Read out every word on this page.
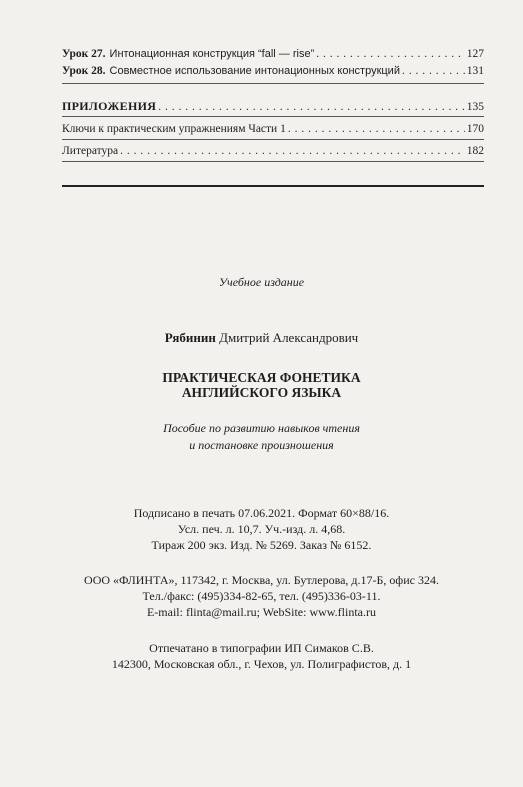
Урок 27. Интонационная конструкция “fall — rise” . . .	127
Урок 28. Совместное использование интонационных конструкций . . .	131
ПРИЛОЖЕНИЯ . . .	135
Ключи к практическим упражнениям Части 1 . . .	170
Литература . . .	182
Учебное издание
Рябинин Дмитрий Александрович
ПРАКТИЧЕСКАЯ ФОНЕТИКА
АНГЛИЙСКОГО ЯЗЫКА
Пособие по развитию навыков чтения
и постановке произношения
Подписано в печать 07.06.2021. Формат 60×88/16.
Усл. печ. л. 10,7. Уч.-изд. л. 4,68.
Тираж 200 экз. Изд. № 5269. Заказ № 6152.
ООО «ФЛИНТА», 117342, г. Москва, ул. Бутлерова, д.17-Б, офис 324.
Тел./факс: (495)334-82-65, тел. (495)336-03-11.
E-mail: flinta@mail.ru; WebSite: www.flinta.ru
Отпечатано в типографии ИП Симаков С.В.
142300, Московская обл., г. Чехов, ул. Полиграфистов, д. 1
